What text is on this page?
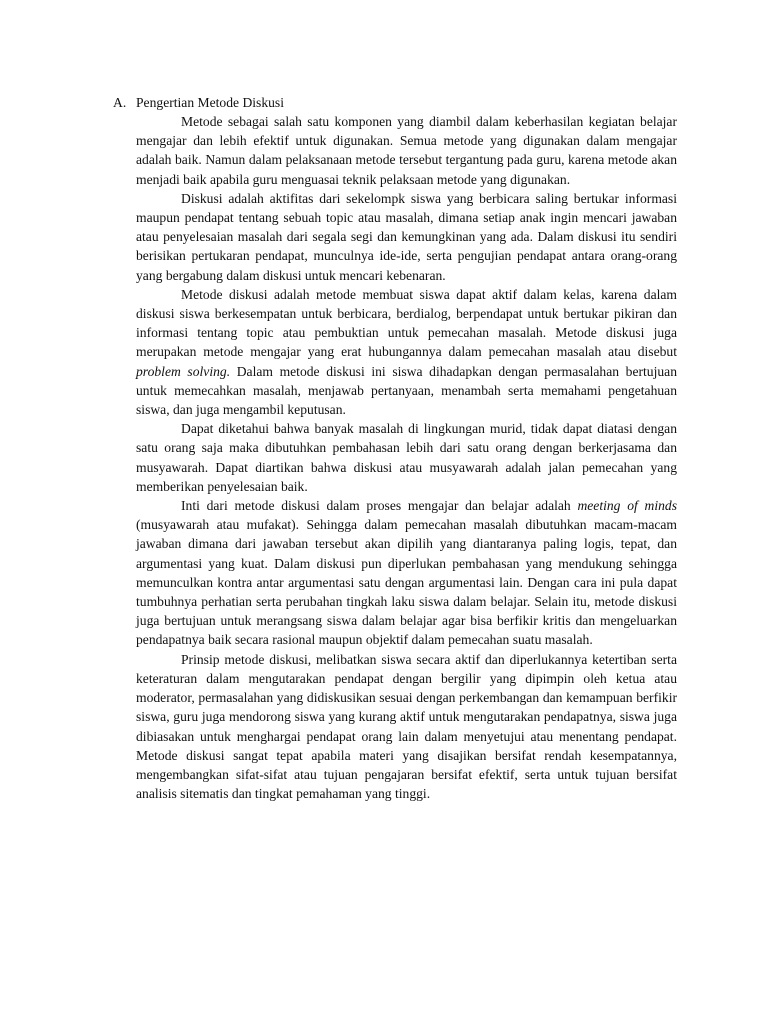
A. Pengertian Metode Diskusi

Metode sebagai salah satu komponen yang diambil dalam keberhasilan kegiatan belajar mengajar dan lebih efektif untuk digunakan. Semua metode yang digunakan dalam mengajar adalah baik. Namun dalam pelaksanaan metode tersebut tergantung pada guru, karena metode akan menjadi baik apabila guru menguasai teknik pelaksaan metode yang digunakan.

Diskusi adalah aktifitas dari sekelompk siswa yang berbicara saling bertukar informasi maupun pendapat tentang sebuah topic atau masalah, dimana setiap anak ingin mencari jawaban atau penyelesaian masalah dari segala segi dan kemungkinan yang ada. Dalam diskusi itu sendiri berisikan pertukaran pendapat, munculnya ide-ide, serta pengujian pendapat antara orang-orang yang bergabung dalam diskusi untuk mencari kebenaran.

Metode diskusi adalah metode membuat siswa dapat aktif dalam kelas, karena dalam diskusi siswa berkesempatan untuk berbicara, berdialog, berpendapat untuk bertukar pikiran dan informasi tentang topic atau pembuktian untuk pemecahan masalah. Metode diskusi juga merupakan metode mengajar yang erat hubungannya dalam pemecahan masalah atau disebut problem solving. Dalam metode diskusi ini siswa dihadapkan dengan permasalahan bertujuan untuk memecahkan masalah, menjawab pertanyaan, menambah serta memahami pengetahuan siswa, dan juga mengambil keputusan.

Dapat diketahui bahwa banyak masalah di lingkungan murid, tidak dapat diatasi dengan satu orang saja maka dibutuhkan pembahasan lebih dari satu orang dengan berkerjasama dan musyawarah. Dapat diartikan bahwa diskusi atau musyawarah adalah jalan pemecahan yang memberikan penyelesaian baik.

Inti dari metode diskusi dalam proses mengajar dan belajar adalah meeting of minds (musyawarah atau mufakat). Sehingga dalam pemecahan masalah dibutuhkan macam-macam jawaban dimana dari jawaban tersebut akan dipilih yang diantaranya paling logis, tepat, dan argumentasi yang kuat. Dalam diskusi pun diperlukan pembahasan yang mendukung sehingga memunculkan kontra antar argumentasi satu dengan argumentasi lain. Dengan cara ini pula dapat tumbuhnya perhatian serta perubahan tingkah laku siswa dalam belajar. Selain itu, metode diskusi juga bertujuan untuk merangsang siswa dalam belajar agar bisa berfikir kritis dan mengeluarkan pendapatnya baik secara rasional maupun objektif dalam pemecahan suatu masalah.

Prinsip metode diskusi, melibatkan siswa secara aktif dan diperlukannya ketertiban serta keteraturan dalam mengutarakan pendapat dengan bergilir yang dipimpin oleh ketua atau moderator, permasalahan yang didiskusikan sesuai dengan perkembangan dan kemampuan berfikir siswa, guru juga mendorong siswa yang kurang aktif untuk mengutarakan pendapatnya, siswa juga dibiasakan untuk menghargai pendapat orang lain dalam menyetujui atau menentang pendapat. Metode diskusi sangat tepat apabila materi yang disajikan bersifat rendah kesempatannya, mengembangkan sifat-sifat atau tujuan pengajaran bersifat efektif, serta untuk tujuan bersifat analisis sitematis dan tingkat pemahaman yang tinggi.
